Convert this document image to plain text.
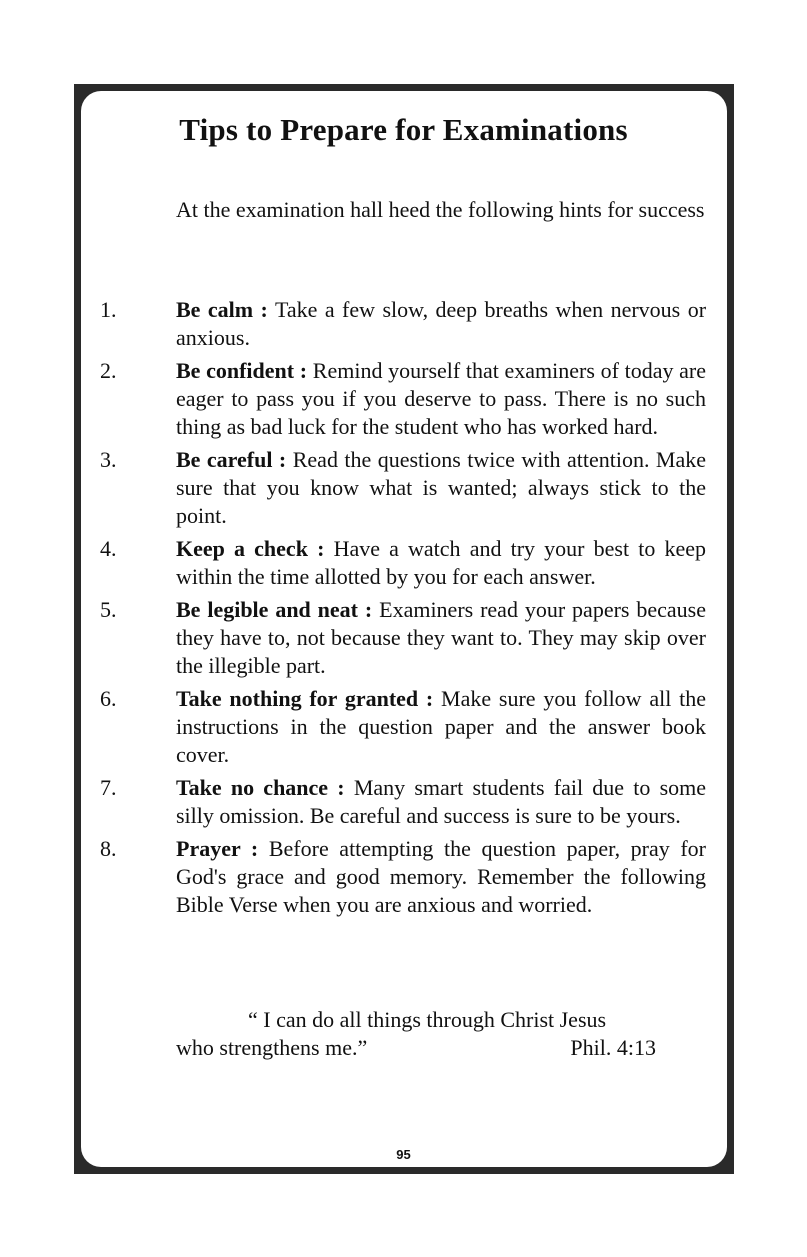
Tips to Prepare for Examinations

At the examination hall heed the following hints for success

1.	Be calm : Take a few slow, deep breaths when nervous or anxious.
2.	Be confident : Remind yourself that examiners of today are eager to pass you if you deserve to pass. There is no such thing as bad luck for the student who has worked hard.
3.	Be careful : Read the questions twice with attention. Make sure that you know what is wanted; always stick to the point.
4.	Keep a check : Have a watch and try your best to keep within the time allotted by you for each answer.
5.	Be legible and neat : Examiners read your papers because they have to, not because they want to. They may skip over the illegible part.
6.	Take nothing for granted : Make sure you follow all the instructions in the question paper and the answer book cover.
7.	Take no chance : Many smart students fail due to some silly omission. Be careful and success is sure to be yours.
8.	Prayer : Before attempting the question paper, pray for God's grace and good memory. Remember the following Bible Verse when you are anxious and worried.
“ I can do all things through Christ Jesus
who strengthens me.”	Phil. 4:13
95
